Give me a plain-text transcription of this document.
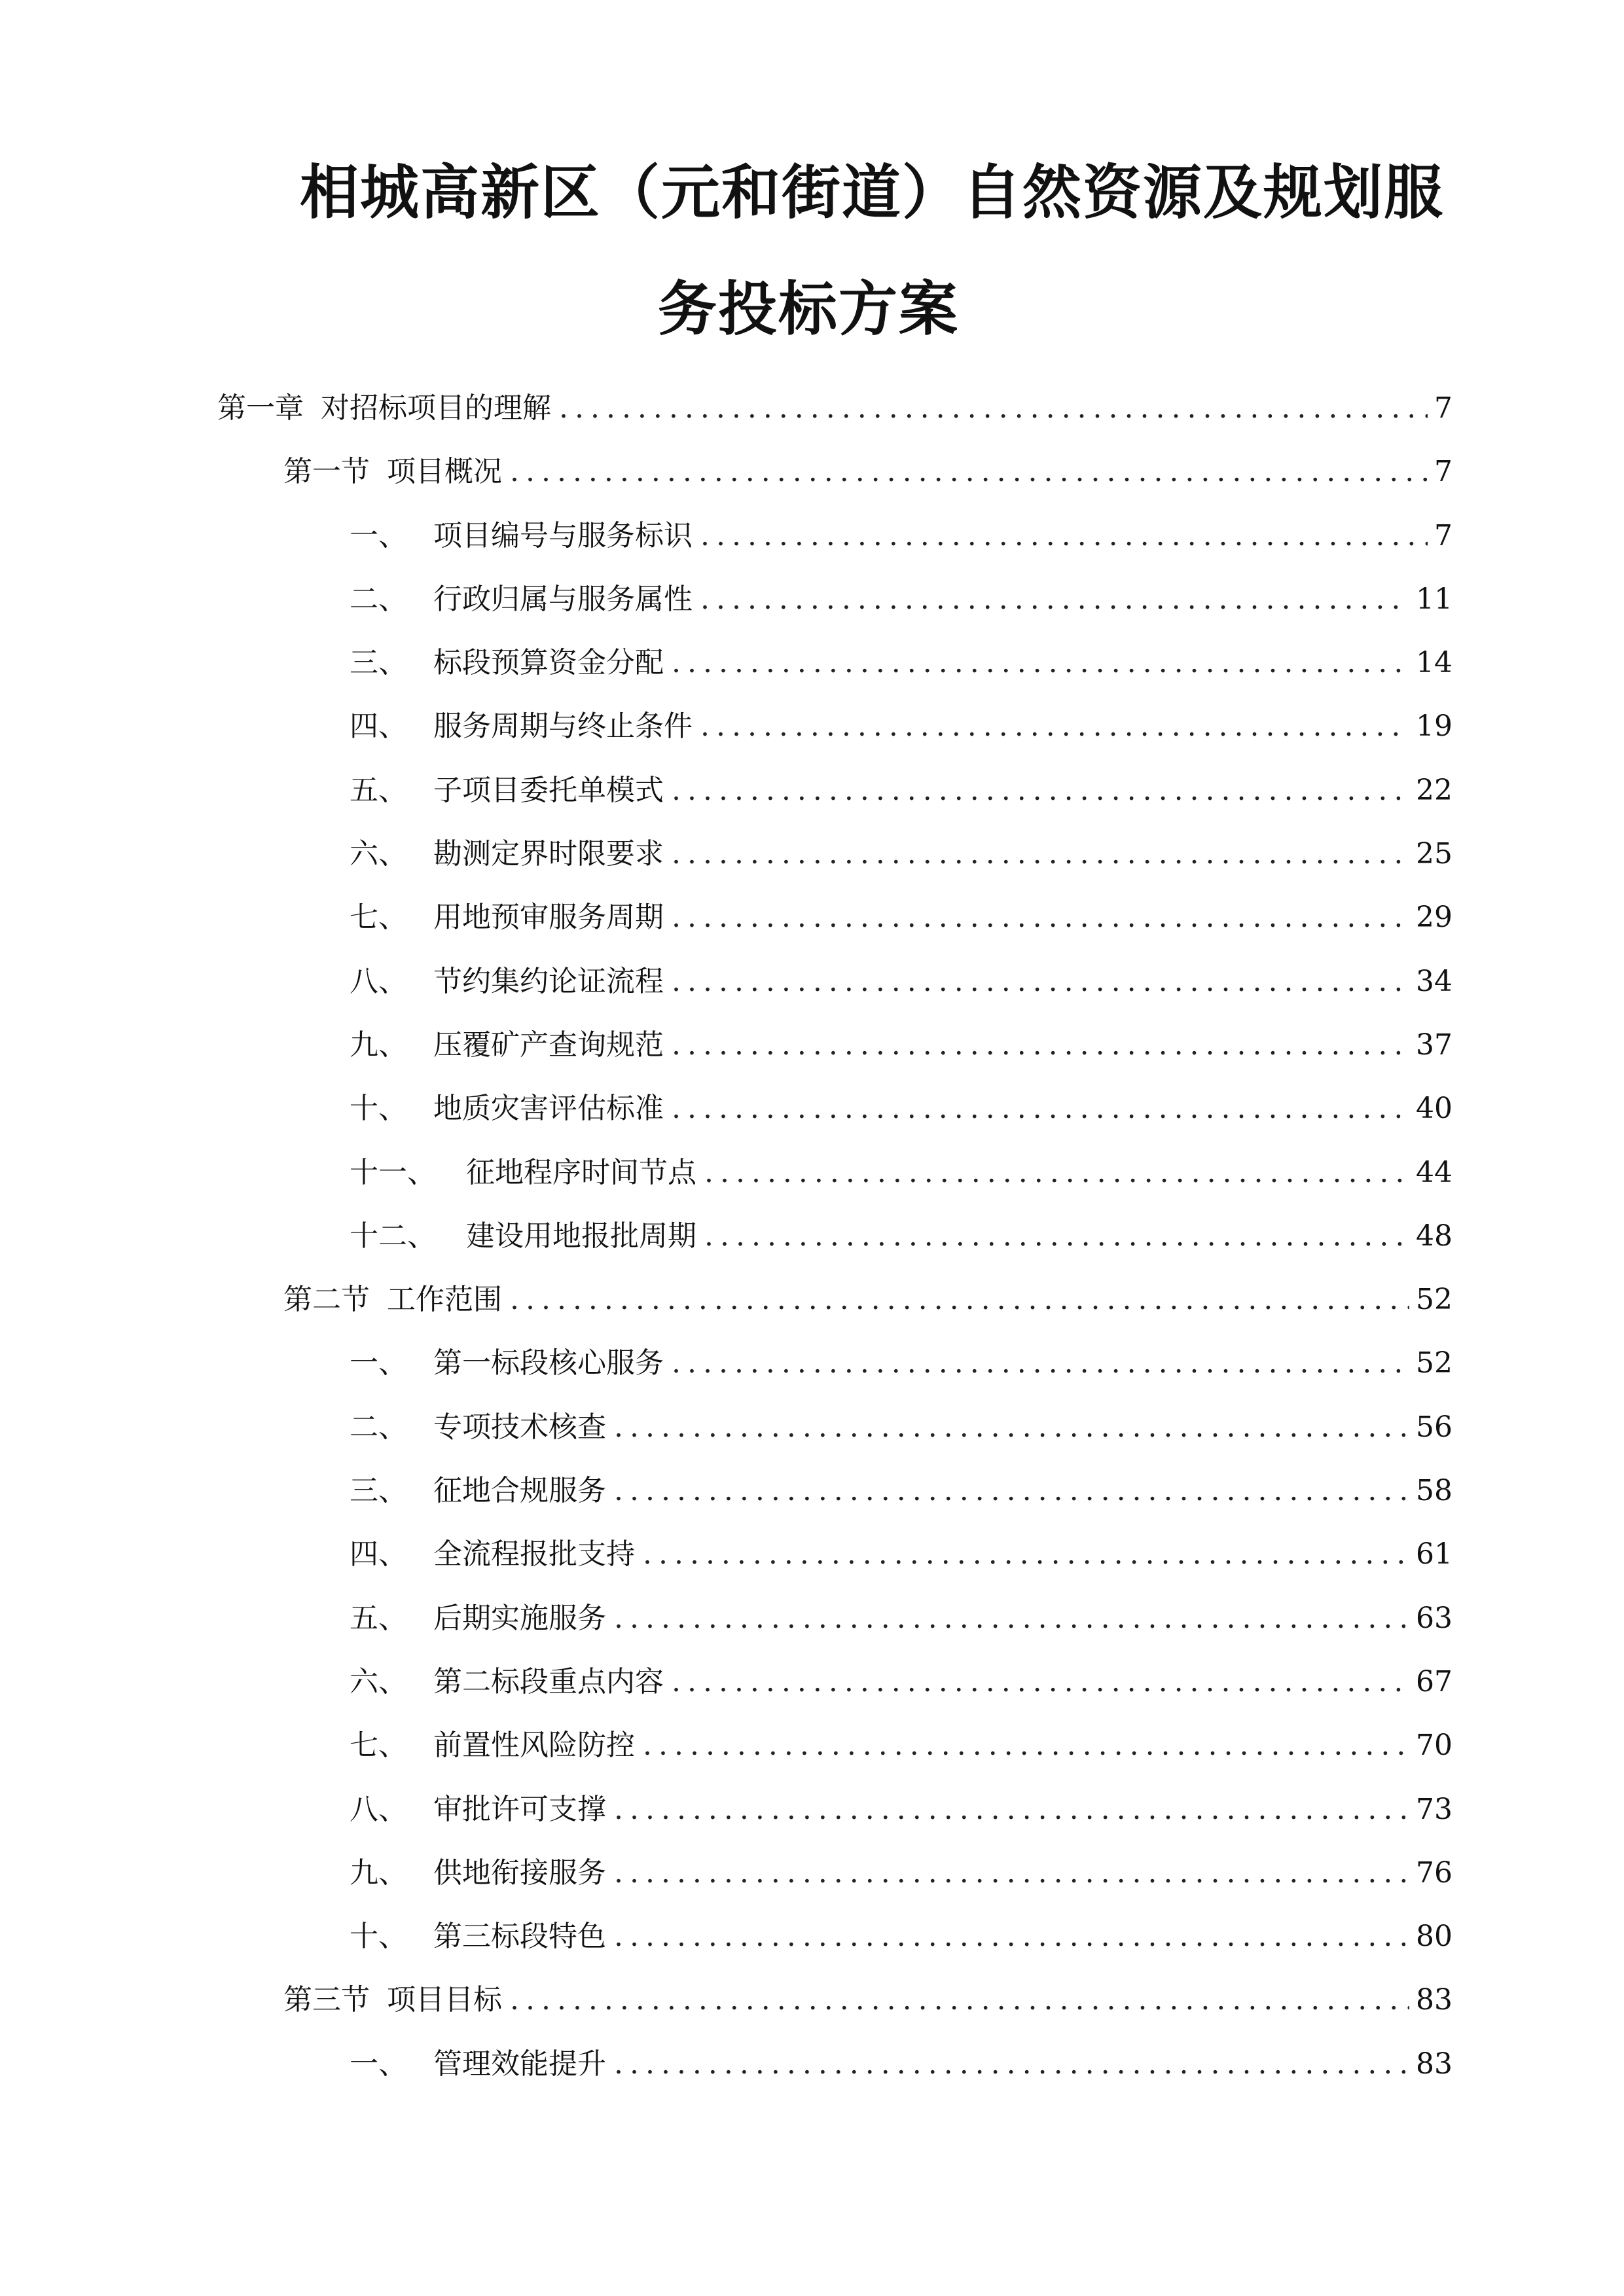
相城高新区（元和街道）自然资源及规划服
务投标方案
第一章 对招标项目的理解 .....	7
第一节 项目概况 .....	7
一、 项目编号与服务标识 .....	7
二、 行政归属与服务属性 .....	11
三、 标段预算资金分配 .....	14
四、 服务周期与终止条件 .....	19
五、 子项目委托单模式 .....	22
六、 勘测定界时限要求 .....	25
七、 用地预审服务周期 .....	29
八、 节约集约论证流程 .....	34
九、 压覆矿产查询规范 .....	37
十、 地质灾害评估标准 .....	40
十一、	征地程序时间节点 .....	44
十二、	建设用地报批周期 .....	48
第二节 工作范围 .....	52
一、 第一标段核心服务 .....	52
二、 专项技术核查 .....	56
三、 征地合规服务 .....	58
四、 全流程报批支持 .....	61
五、 后期实施服务 .....	63
六、 第二标段重点内容 .....	67
七、 前置性风险防控 .....	70
八、 审批许可支撑 .....	73
九、 供地衔接服务 .....	76
十、 第三标段特色 .....	80
第三节 项目目标 .....	83
一、 管理效能提升 .....	83
